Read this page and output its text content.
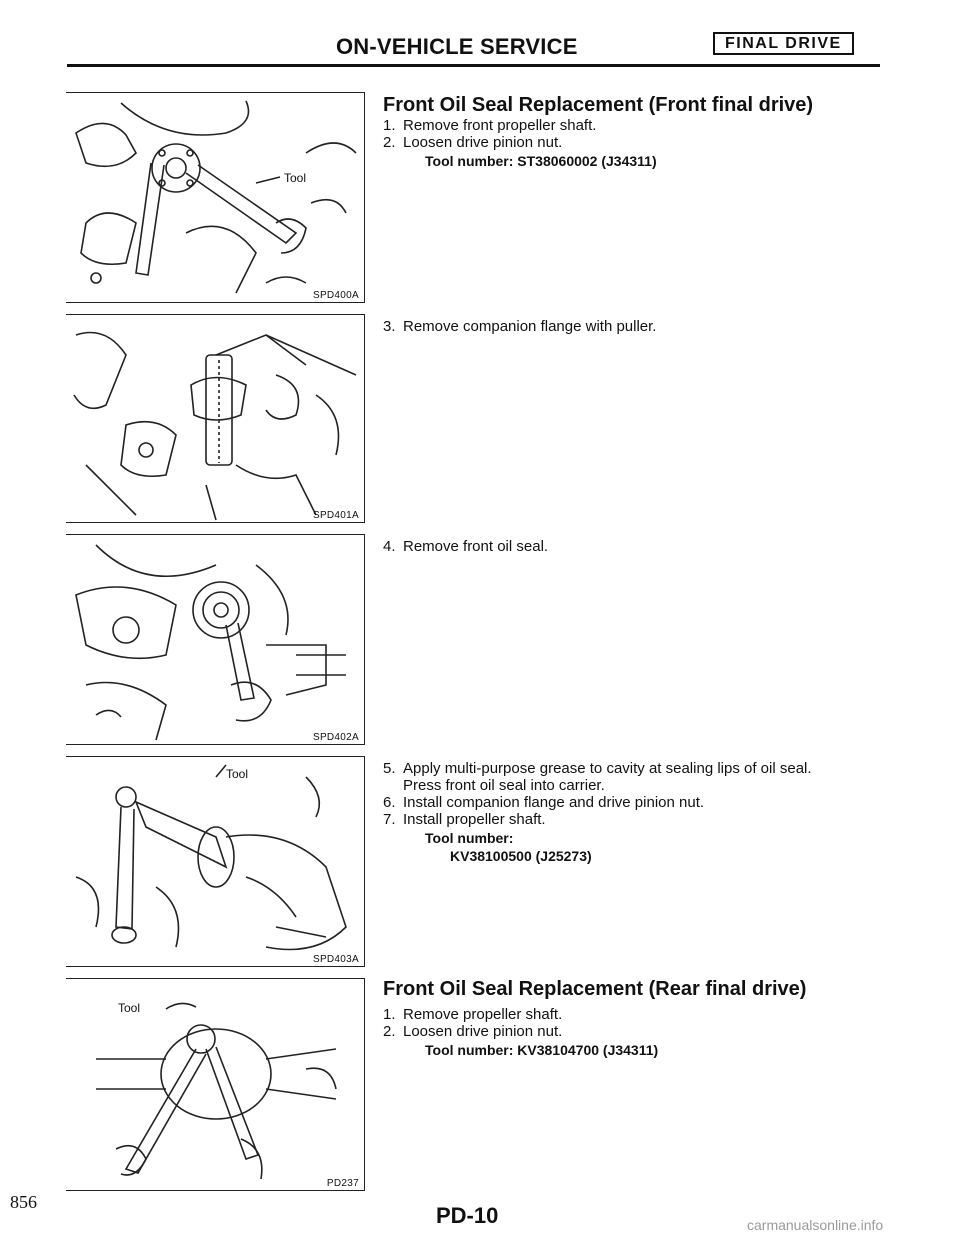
ON-VEHICLE SERVICE	FINAL DRIVE
Tool
SPD400A
SPD401A
SPD402A
Tool
SPD403A
Tool
PD237
Front Oil Seal Replacement (Front final drive)
1. Remove front propeller shaft.
2. Loosen drive pinion nut.
Tool number: ST38060002 (J34311)
3. Remove companion flange with puller.
4. Remove front oil seal.
5. Apply multi-purpose grease to cavity at sealing lips of oil seal.
Press front oil seal into carrier.
6. Install companion flange and drive pinion nut.
7. Install propeller shaft.
Tool number:
KV38100500 (J25273)
Front Oil Seal Replacement (Rear final drive)
1. Remove propeller shaft.
2. Loosen drive pinion nut.
Tool number: KV38104700 (J34311)
856
PD-10	carmanualsonline.info
